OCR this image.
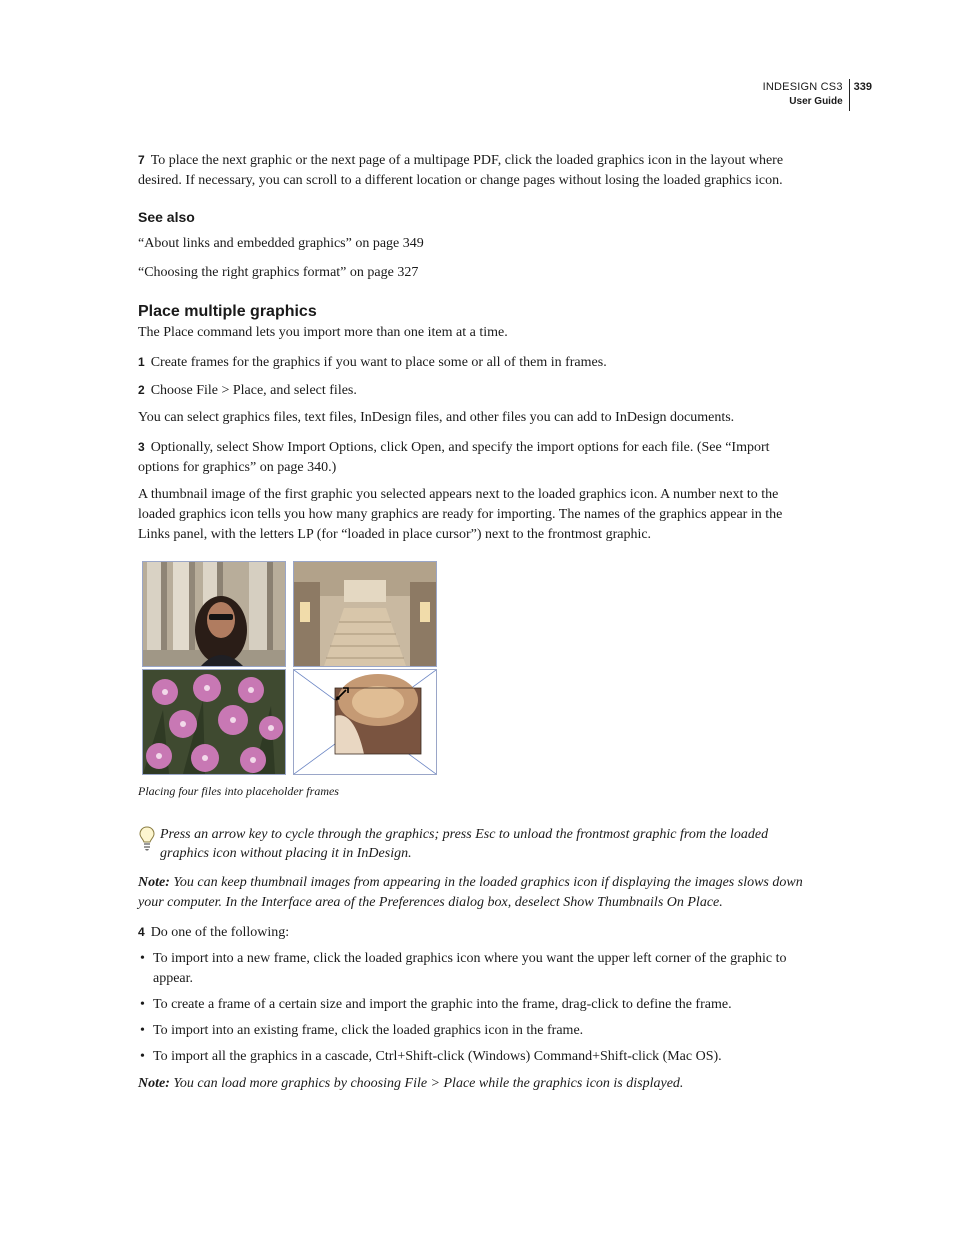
INDESIGN CS3
User Guide
339

7 To place the next graphic or the next page of a multipage PDF, click the loaded graphics icon in the layout where desired. If necessary, you can scroll to a different location or change pages without losing the loaded graphics icon.

See also

“About links and embedded graphics” on page 349

“Choosing the right graphics format” on page 327

Place multiple graphics

The Place command lets you import more than one item at a time.

1 Create frames for the graphics if you want to place some or all of them in frames.

2 Choose File > Place, and select files.

You can select graphics files, text files, InDesign files, and other files you can add to InDesign documents.

3 Optionally, select Show Import Options, click Open, and specify the import options for each file. (See “Import options for graphics” on page 340.)

A thumbnail image of the first graphic you selected appears next to the loaded graphics icon. A number next to the loaded graphics icon tells you how many graphics are ready for importing. The names of the graphics appear in the Links panel, with the letters LP (for “loaded in place cursor”) next to the frontmost graphic.

Placing four files into placeholder frames
Press an arrow key to cycle through the graphics; press Esc to unload the frontmost graphic from the loaded graphics icon without placing it in InDesign.

Note: You can keep thumbnail images from appearing in the loaded graphics icon if displaying the images slows down your computer. In the Interface area of the Preferences dialog box, deselect Show Thumbnails On Place.

4 Do one of the following:

• To import into a new frame, click the loaded graphics icon where you want the upper left corner of the graphic to appear.
• To create a frame of a certain size and import the graphic into the frame, drag-click to define the frame.
• To import into an existing frame, click the loaded graphics icon in the frame.
• To import all the graphics in a cascade, Ctrl+Shift-click (Windows) Command+Shift-click (Mac OS).

Note: You can load more graphics by choosing File > Place while the graphics icon is displayed.
